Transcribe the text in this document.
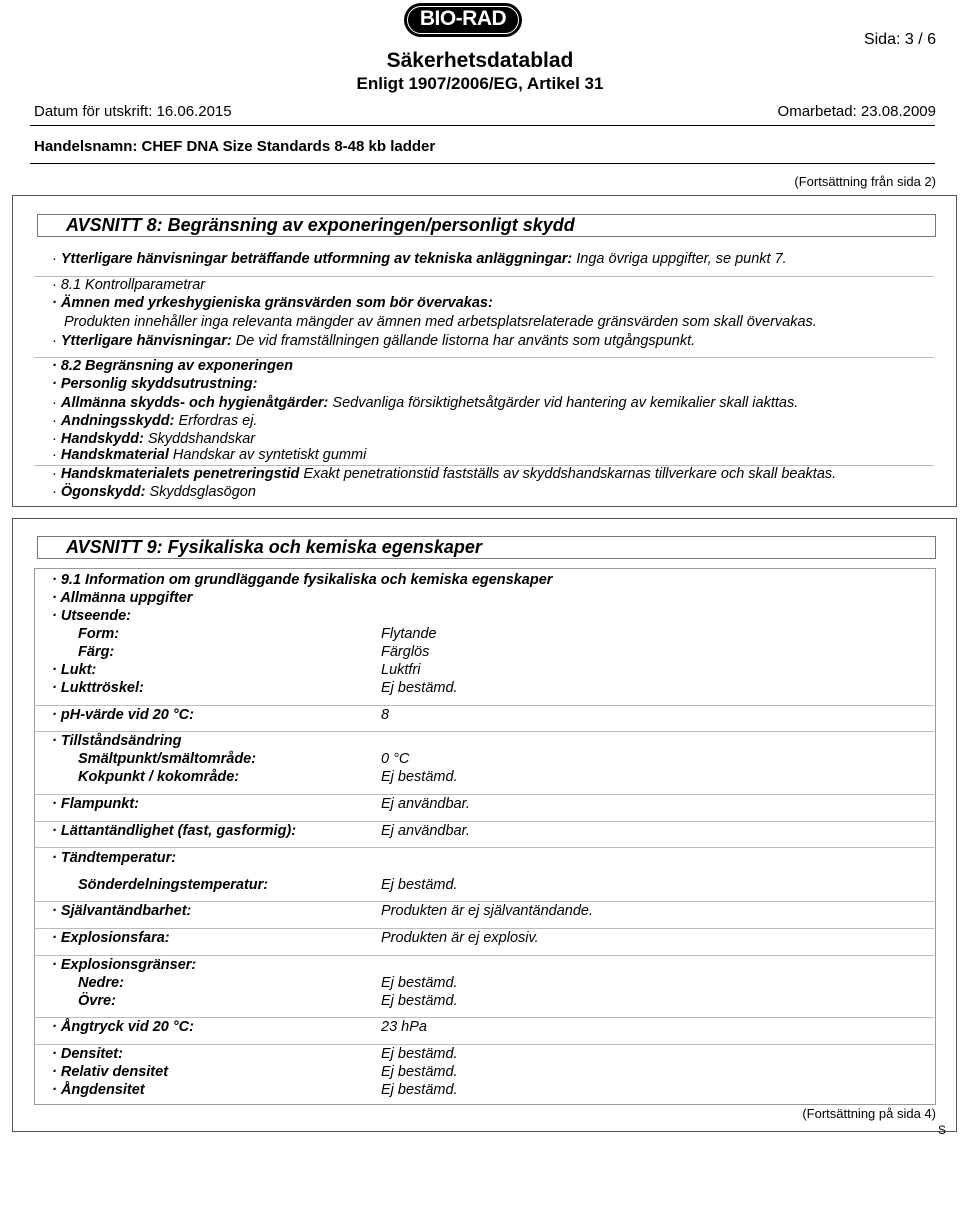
BIO-RAD
Sida: 3 / 6
Säkerhetsdatablad
Enligt 1907/2006/EG, Artikel 31
Datum för utskrift: 16.06.2015	Omarbetad: 23.08.2009
Handelsnamn: CHEF DNA Size Standards 8-48 kb ladder
(Fortsättning från sida 2)
AVSNITT 8: Begränsning av exponeringen/personligt skydd
· Ytterligare hänvisningar beträffande utformning av tekniska anläggningar: Inga övriga uppgifter, se punkt 7.
· 8.1 Kontrollparametrar
· Ämnen med yrkeshygieniska gränsvärden som bör övervakas:
Produkten innehåller inga relevanta mängder av ämnen med arbetsplatsrelaterade gränsvärden som skall övervakas.
· Ytterligare hänvisningar: De vid framställningen gällande listorna har använts som utgångspunkt.
· 8.2 Begränsning av exponeringen
· Personlig skyddsutrustning:
· Allmänna skydds- och hygienåtgärder: Sedvanliga försiktighetsåtgärder vid hantering av kemikalier skall iakttas.
· Andningsskydd: Erfordras ej.
· Handskydd: Skyddshandskar
· Handskmaterial Handskar av syntetiskt gummi
· Handskmaterialets penetreringstid Exakt penetrationstid fastställs av skyddshandskarnas tillverkare och skall beaktas.
· Ögonskydd: Skyddsglasögon
AVSNITT 9: Fysikaliska och kemiska egenskaper
· 9.1 Information om grundläggande fysikaliska och kemiska egenskaper
· Allmänna uppgifter
· Utseende:
Form:	Flytande
Färg:	Färglös
· Lukt:	Luktfri
· Lukttröskel:	Ej bestämd.
· pH-värde vid 20 °C:	8
· Tillståndsändring
Smältpunkt/smältområde:	0 °C
Kokpunkt / kokområde:	Ej bestämd.
· Flampunkt:	Ej användbar.
· Lättantändlighet (fast, gasformig):	Ej användbar.
· Tändtemperatur:
Sönderdelningstemperatur:	Ej bestämd.
· Självantändbarhet:	Produkten är ej självantändande.
· Explosionsfara:	Produkten är ej explosiv.
· Explosionsgränser:
Nedre:	Ej bestämd.
Övre:	Ej bestämd.
· Ångtryck vid 20 °C:	23 hPa
· Densitet:	Ej bestämd.
· Relativ densitet	Ej bestämd.
· Ångdensitet	Ej bestämd.
(Fortsättning på sida 4)
S
